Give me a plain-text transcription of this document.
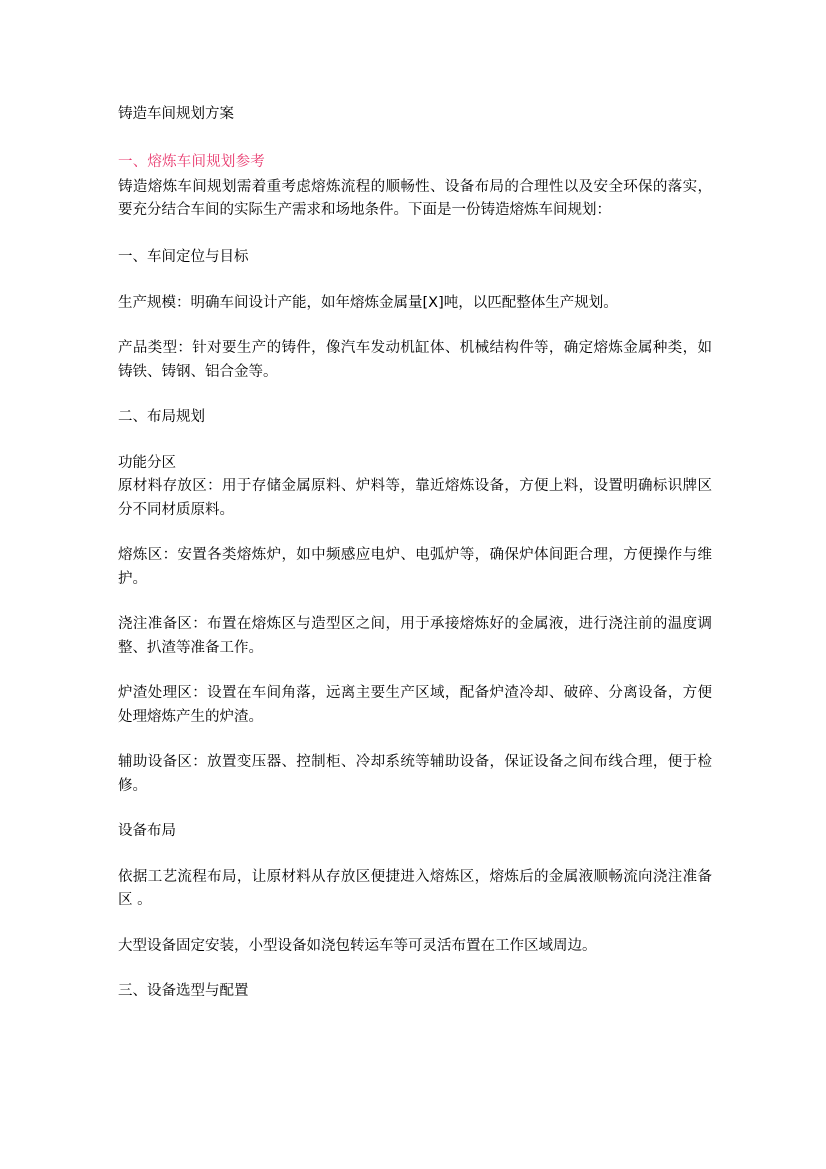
铸造车间规划方案
一、熔炼车间规划参考

铸造熔炼车间规划需着重考虑熔炼流程的顺畅性、设备布局的合理性以及安全环保的落实，要充分结合车间的实际生产需求和场地条件。下面是一份铸造熔炼车间规划：

一、车间定位与目标

生产规模：明确车间设计产能，如年熔炼金属量[X]吨，以匹配整体生产规划。

产品类型：针对要生产的铸件，像汽车发动机缸体、机械结构件等，确定熔炼金属种类，如铸铁、铸钢、铝合金等。

二、布局规划

功能分区

原材料存放区：用于存储金属原料、炉料等，靠近熔炼设备，方便上料，设置明确标识牌区分不同材质原料。

熔炼区：安置各类熔炼炉，如中频感应电炉、电弧炉等，确保炉体间距合理，方便操作与维护。

浇注准备区：布置在熔炼区与造型区之间，用于承接熔炼好的金属液，进行浇注前的温度调整、扒渣等准备工作。

炉渣处理区：设置在车间角落，远离主要生产区域，配备炉渣冷却、破碎、分离设备，方便处理熔炼产生的炉渣。

辅助设备区：放置变压器、控制柜、冷却系统等辅助设备，保证设备之间布线合理，便于检修。

设备布局

依据工艺流程布局，让原材料从存放区便捷进入熔炼区，熔炼后的金属液顺畅流向浇注准备区 。

大型设备固定安装，小型设备如浇包转运车等可灵活布置在工作区域周边。

三、设备选型与配置
